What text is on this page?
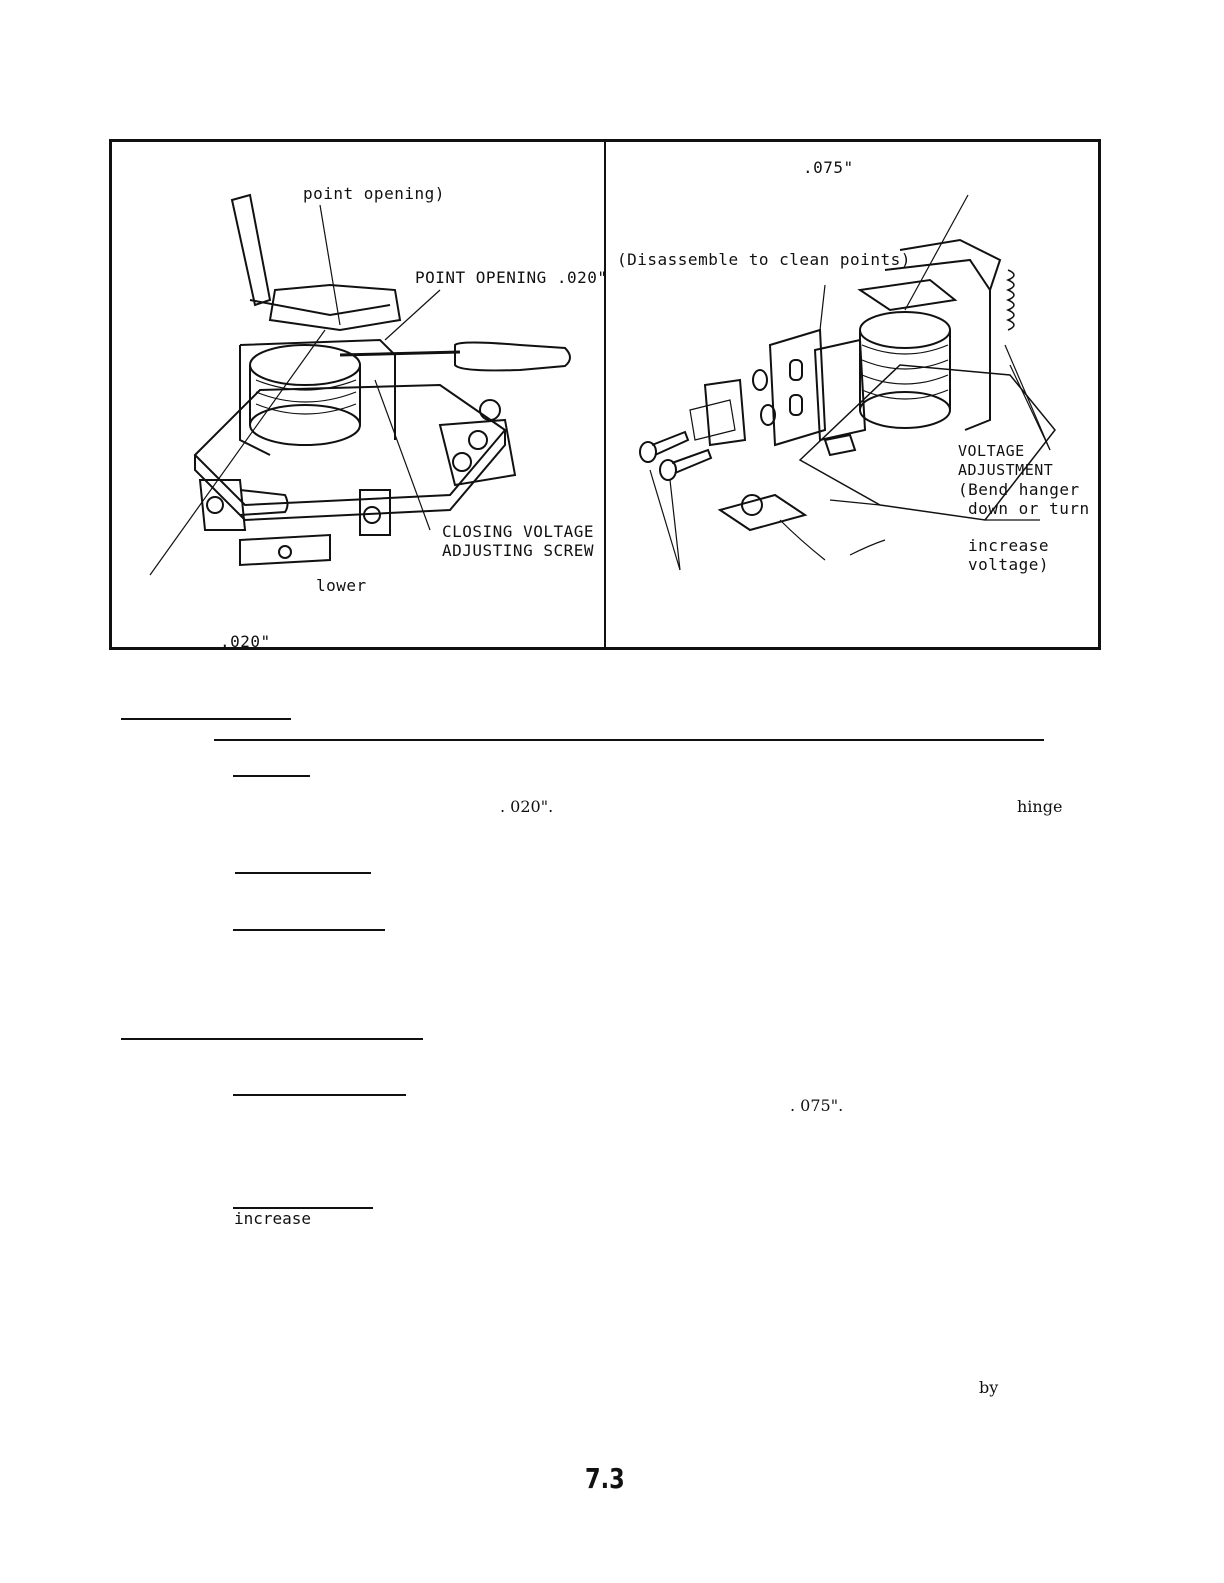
point opening)
POINT OPENING .020"
CLOSING VOLTAGE
ADJUSTING SCREW
lower
.020"
.075"
(Disassemble to clean points)
VOLTAGE
ADJUSTMENT
(Bend hanger
down or turn
increase
voltage)
. 020".	hinge
. 075".
increase
by
7.3
